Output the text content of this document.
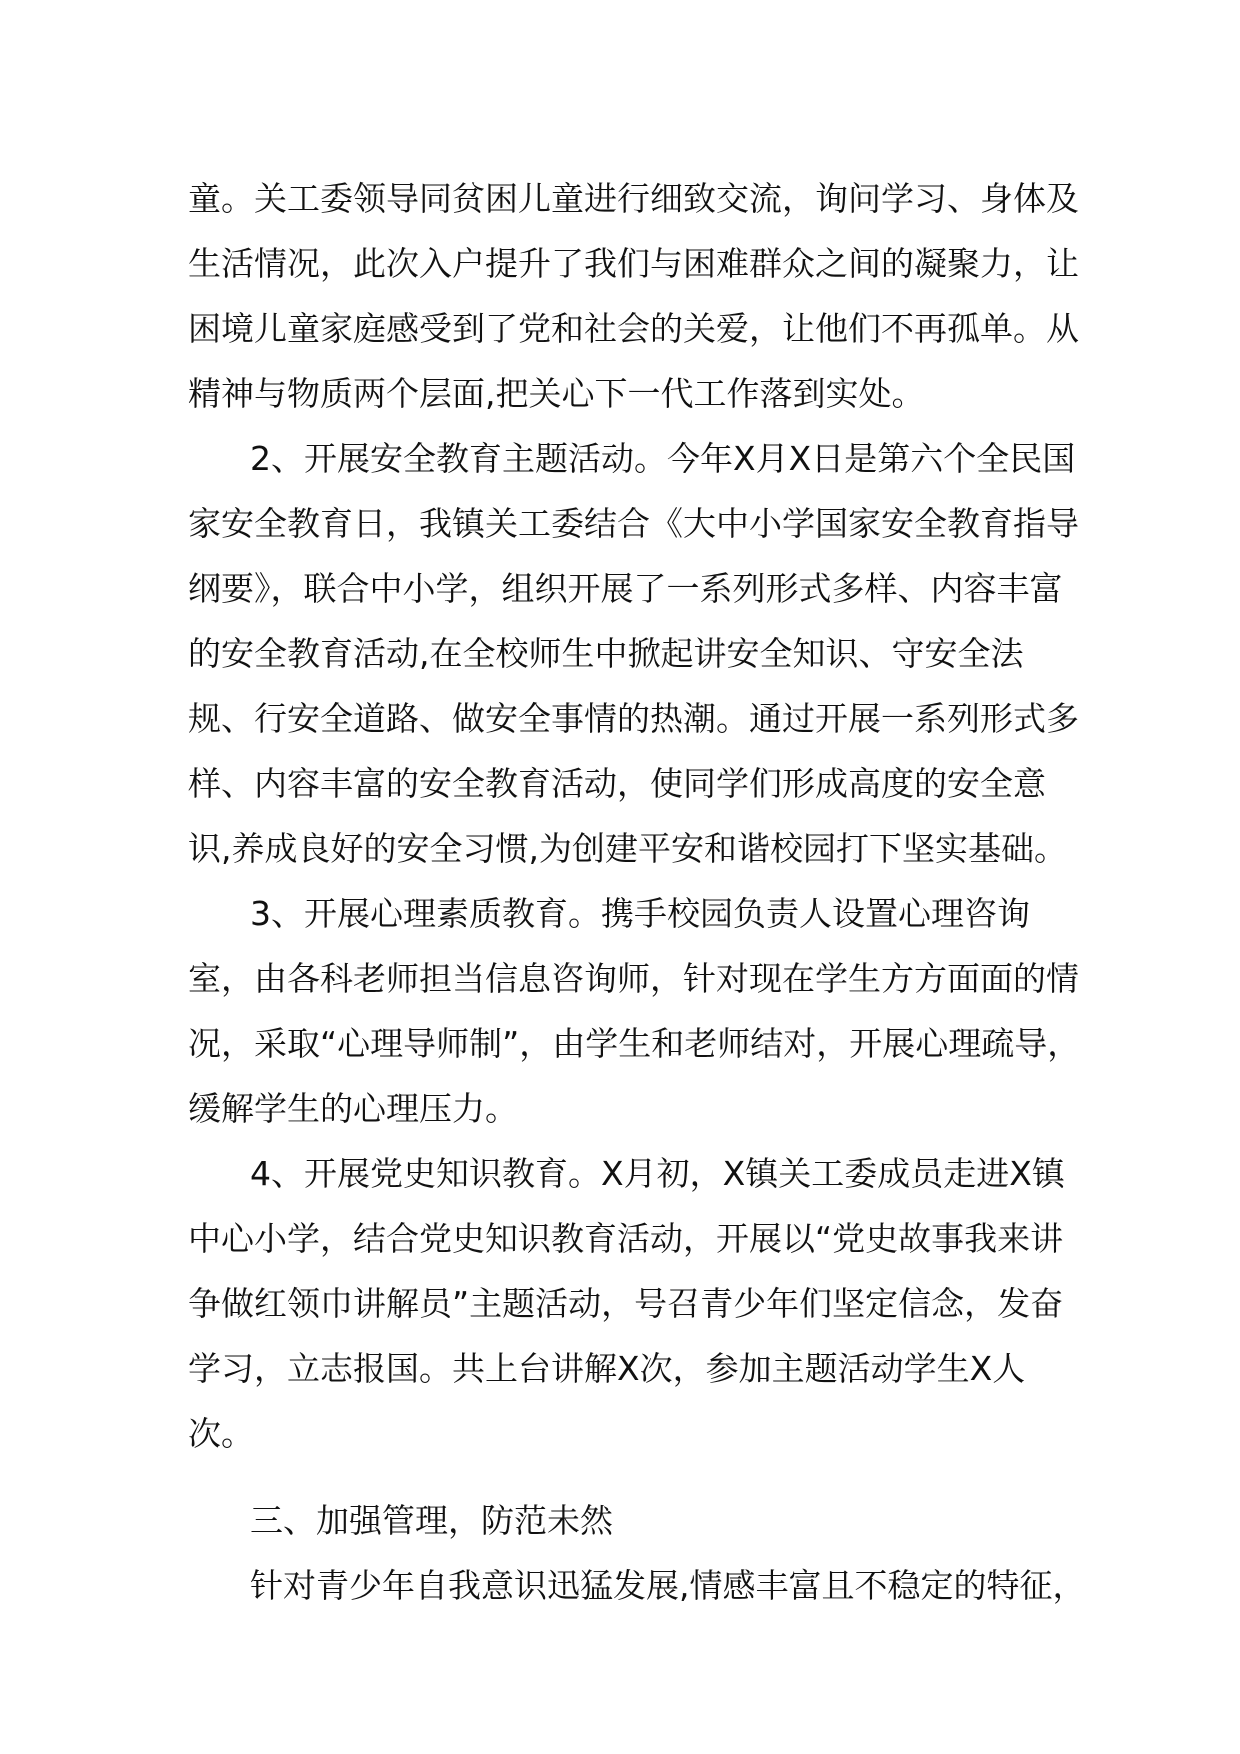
童。关工委领导同贫困儿童进行细致交流，询问学习、身体及生活情况，此次入户提升了我们与困难群众之间的凝聚力，让困境儿童家庭感受到了党和社会的关爱，让他们不再孤单。从精神与物质两个层面,把关心下一代工作落到实处。

2、开展安全教育主题活动。今年X月X日是第六个全民国家安全教育日，我镇关工委结合《大中小学国家安全教育指导纲要》，联合中小学，组织开展了一系列形式多样、内容丰富的安全教育活动,在全校师生中掀起讲安全知识、守安全法规、行安全道路、做安全事情的热潮。通过开展一系列形式多样、内容丰富的安全教育活动，使同学们形成高度的安全意识,养成良好的安全习惯,为创建平安和谐校园打下坚实基础。

3、开展心理素质教育。携手校园负责人设置心理咨询室，由各科老师担当信息咨询师，针对现在学生方方面面的情况，采取“心理导师制”，由学生和老师结对，开展心理疏导，缓解学生的心理压力。

4、开展党史知识教育。X月初，X镇关工委成员走进X镇中心小学，结合党史知识教育活动，开展以“党史故事我来讲 争做红领巾讲解员”主题活动，号召青少年们坚定信念，发奋学习，立志报国。共上台讲解X次，参加主题活动学生X人次。

三、加强管理，防范未然

针对青少年自我意识迅猛发展,情感丰富且不稳定的特征，
